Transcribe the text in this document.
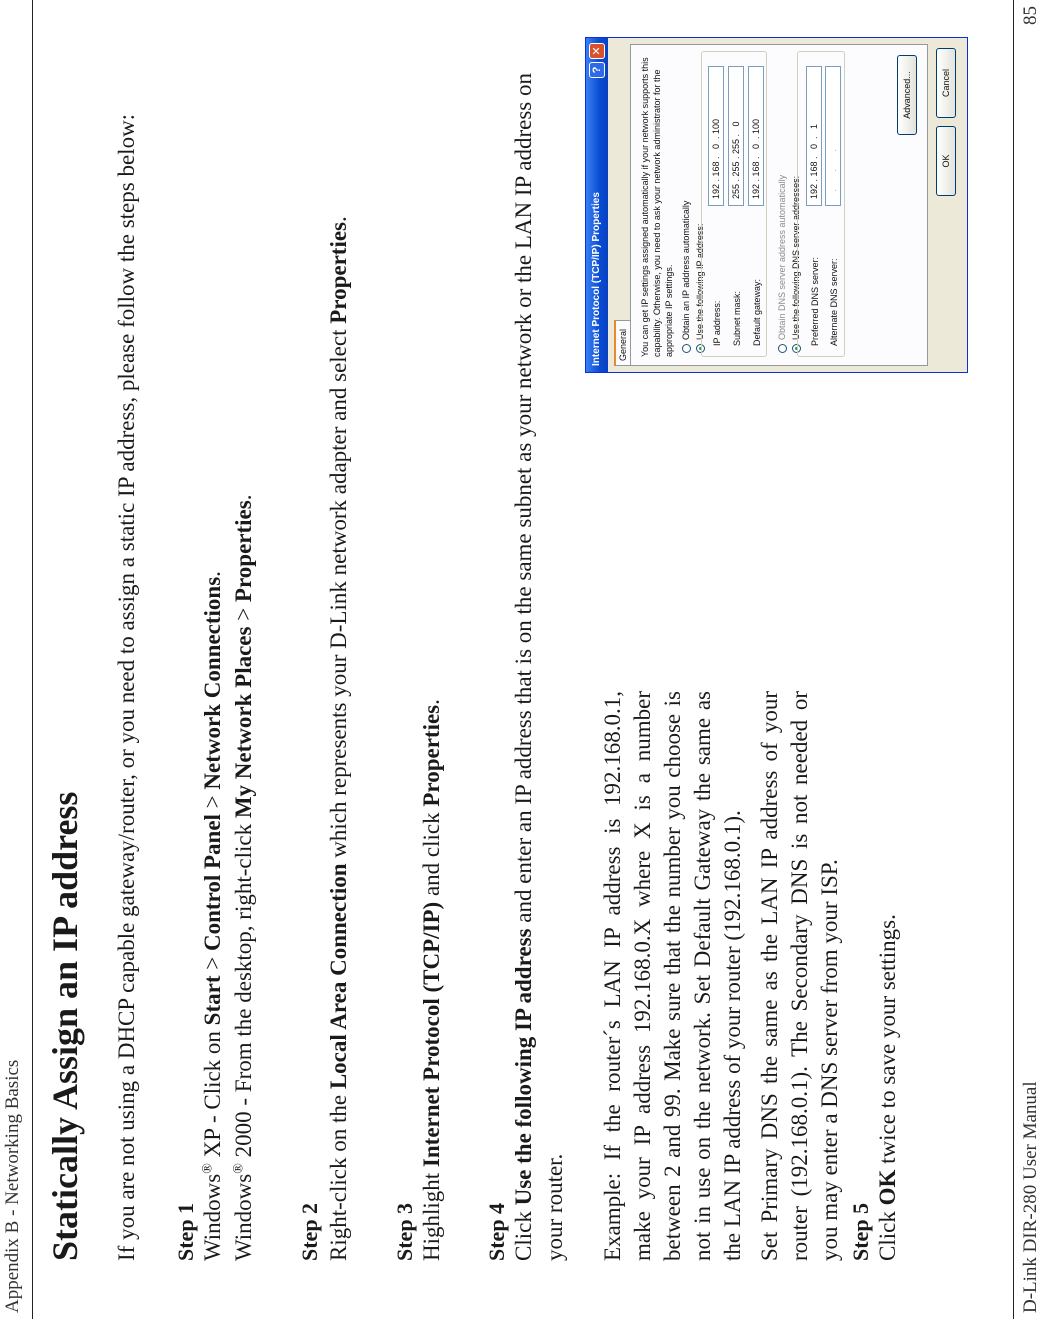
Appendix B - Networking Basics Statically Assign an IP address If you are not using a DHCP capable gateway/router, or you need to assign a static IP address, please follow the steps below: Step 1 Windows® XP - Click on Start > Control Panel > Network Connections.

Windows® 2000 - From the desktop, right-click My Network Places > Properties.

Step 2 Right-click on the Local Area Connection which represents your D-Link network adapter and select Properties.

Step 3 Highlight Internet Protocol (TCP/IP) and click Properties.

Step 4 Click Use the following IP address and enter an IP address that is on the same subnet as your network or the LAN IP address on

your router. Example: If the router´s LAN IP address is 192.168.0.1, make your IP address 192.168.0.X where X is a number between 2 and 99. Make sure that the number you choose is not in use on the network. Set Default Gateway the same as the LAN IP address of your router (192.168.0.1). Set Primary DNS the same as the LAN IP address of your router (192.168.0.1). The Secondary DNS is not needed or you may enter a DNS server from your ISP. Step 5 Click OK twice to save your settings.

Internet Protocol (TCP/IP) Properties
?
✕
General	You can get IP settings assigned automatically if your network supports this capability. Otherwise, you need to ask your network administrator for the appropriate IP settings. Obtain an IP address automatically Use the following IP address: IP address:
192 . 168 .   0  . 100
Subnet mask:
255 . 255 . 255 .   0
Default gateway:
192 . 168 .   0  . 100
Obtain DNS server address automatically Use the following DNS server addresses: Preferred DNS server:
192 . 168 .   0  .   1
Alternate DNS server:
.       .       .
Advanced...
OK
Cancel
D-Link DIR-280 User Manual
85
